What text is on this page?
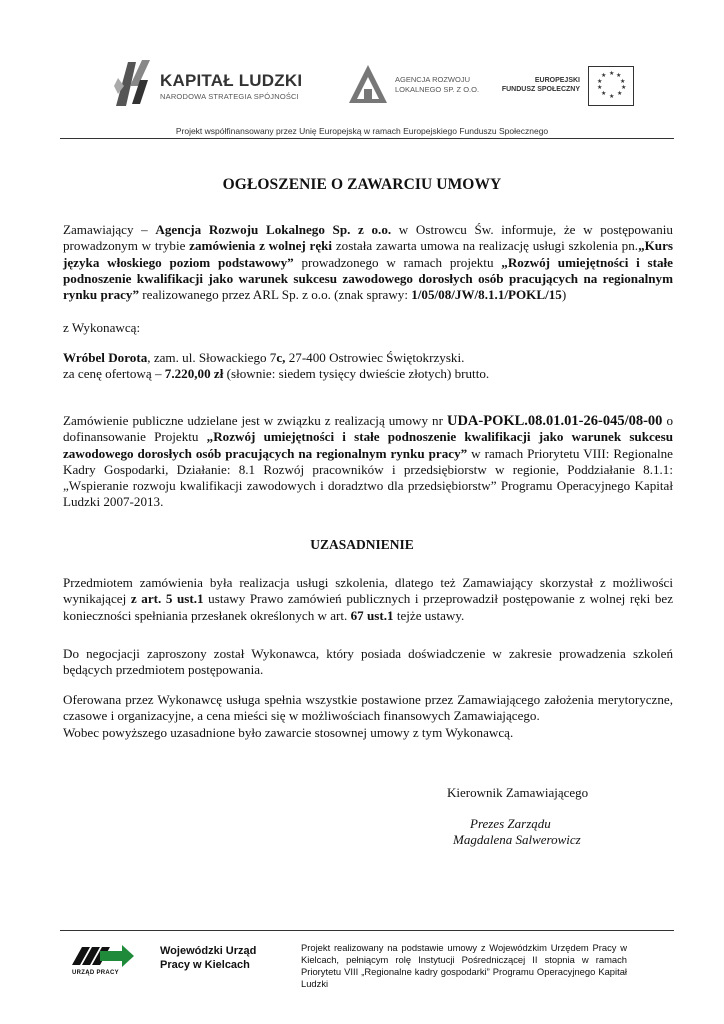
KAPITAŁ LUDZKI
NARODOWA STRATEGIA SPÓJNOŚCI
AGENCJA ROZWOJU
LOKALNEGO SP. Z O.O.
EUROPEJSKI
FUNDUSZ SPOŁECZNY
★ ★
★
★
★
★
★
★
★
★
Projekt współfinansowany przez Unię Europejską w ramach Europejskiego Funduszu Społecznego
OGŁOSZENIE O ZAWARCIU UMOWY
Zamawiający – Agencja Rozwoju Lokalnego Sp. z o.o. w Ostrowcu Św. informuje, że w postępowaniu prowadzonym w trybie zamówienia z wolnej ręki została zawarta umowa na realizację usługi szkolenia pn.„Kurs języka włoskiego poziom podstawowy” prowadzonego w ramach projektu „Rozwój umiejętności i stałe podnoszenie kwalifikacji jako warunek sukcesu zawodowego dorosłych osób pracujących na regionalnym rynku pracy” realizowanego przez ARL Sp. z o.o. (znak sprawy: 1/05/08/JW/8.1.1/POKL/15)
z Wykonawcą:
Wróbel Dorota, zam. ul. Słowackiego 7c, 27-400 Ostrowiec Świętokrzyski.
za cenę ofertową – 7.220,00 zł (słownie: siedem tysięcy dwieście złotych) brutto.
Zamówienie publiczne udzielane jest w związku z realizacją umowy nr UDA-POKL.08.01.01-26-045/08-00 o dofinansowanie Projektu „Rozwój umiejętności i stałe podnoszenie kwalifikacji jako warunek sukcesu zawodowego dorosłych osób pracujących na regionalnym rynku pracy” w ramach Priorytetu VIII: Regionalne Kadry Gospodarki, Działanie: 8.1 Rozwój pracowników i przedsiębiorstw w regionie, Poddziałanie 8.1.1: „Wspieranie rozwoju kwalifikacji zawodowych i doradztwo dla przedsiębiorstw” Programu Operacyjnego Kapitał Ludzki 2007-2013.
UZASADNIENIE
Przedmiotem zamówienia była realizacja usługi szkolenia, dlatego też Zamawiający skorzystał z możliwości wynikającej z art. 5 ust.1 ustawy Prawo zamówień publicznych i przeprowadził postępowanie z wolnej ręki bez konieczności spełniania przesłanek określonych w art. 67 ust.1 tejże ustawy.
Do negocjacji zaproszony został Wykonawca, który posiada doświadczenie w zakresie prowadzenia szkoleń będących przedmiotem postępowania.
Oferowana przez Wykonawcę usługa spełnia wszystkie postawione przez Zamawiającego założenia merytoryczne, czasowe i organizacyjne, a cena mieści się w możliwościach finansowych Zamawiającego.
Wobec powyższego uzasadnione było zawarcie stosownej umowy z tym Wykonawcą.
Kierownik Zamawiającego
Prezes Zarządu
Magdalena Salwerowicz
URZĄD PRACY
Wojewódzki Urząd
Pracy w Kielcach
Projekt realizowany na podstawie umowy z Wojewódzkim Urzędem Pracy w Kielcach, pełniącym rolę Instytucji Pośredniczącej II stopnia w ramach Priorytetu VIII „Regionalne kadry gospodarki” Programu Operacyjnego Kapitał Ludzki
